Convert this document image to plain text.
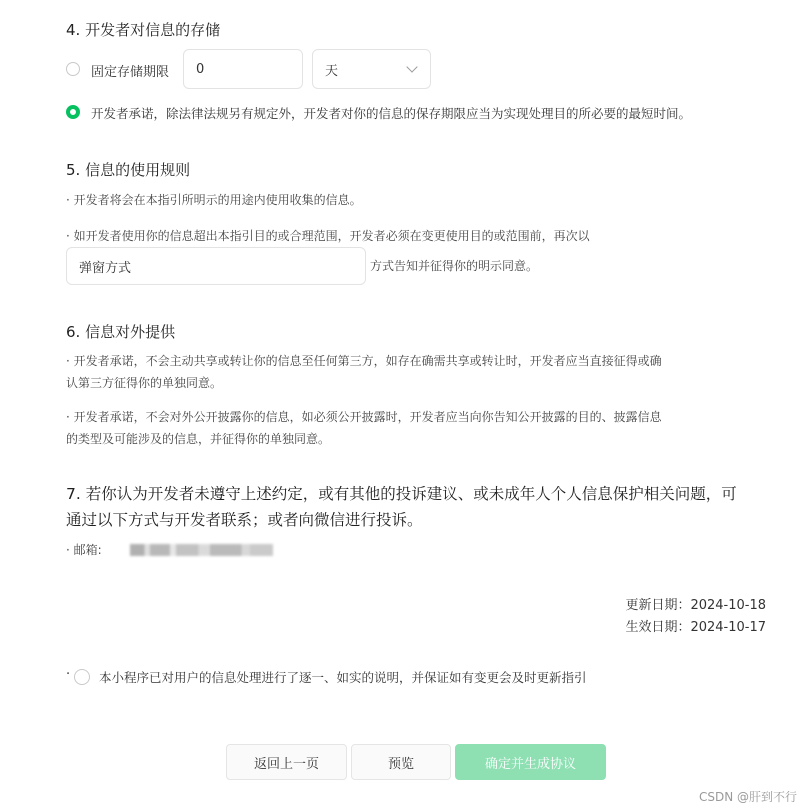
4. 开发者对信息的存储
固定存储期限 0	天
开发者承诺，除法律法规另有规定外，开发者对你的信息的保存期限应当为实现处理目的所必要的最短时间。
5. 信息的使用规则
· 开发者将会在本指引所明示的用途内使用收集的信息。
· 如开发者使用你的信息超出本指引目的或合理范围，开发者必须在变更使用目的或范围前，再次以
弹窗方式	方式告知并征得你的明示同意。
6. 信息对外提供
· 开发者承诺，不会主动共享或转让你的信息至任何第三方，如存在确需共享或转让时，开发者应当直接征得或确
认第三方征得你的单独同意。
· 开发者承诺，不会对外公开披露你的信息，如必须公开披露时，开发者应当向你告知公开披露的目的、披露信息
的类型及可能涉及的信息，并征得你的单独同意。
7. 若你认为开发者未遵守上述约定，或有其他的投诉建议、或未成年人个人信息保护相关问题，可
通过以下方式与开发者联系；或者向微信进行投诉。
· 邮箱:
更新日期：2024-10-18
生效日期：2024-10-17
· 本小程序已对用户的信息处理进行了逐一、如实的说明，并保证如有变更会及时更新指引
返回上一页	预览	确定并生成协议
CSDN @肝到不行
